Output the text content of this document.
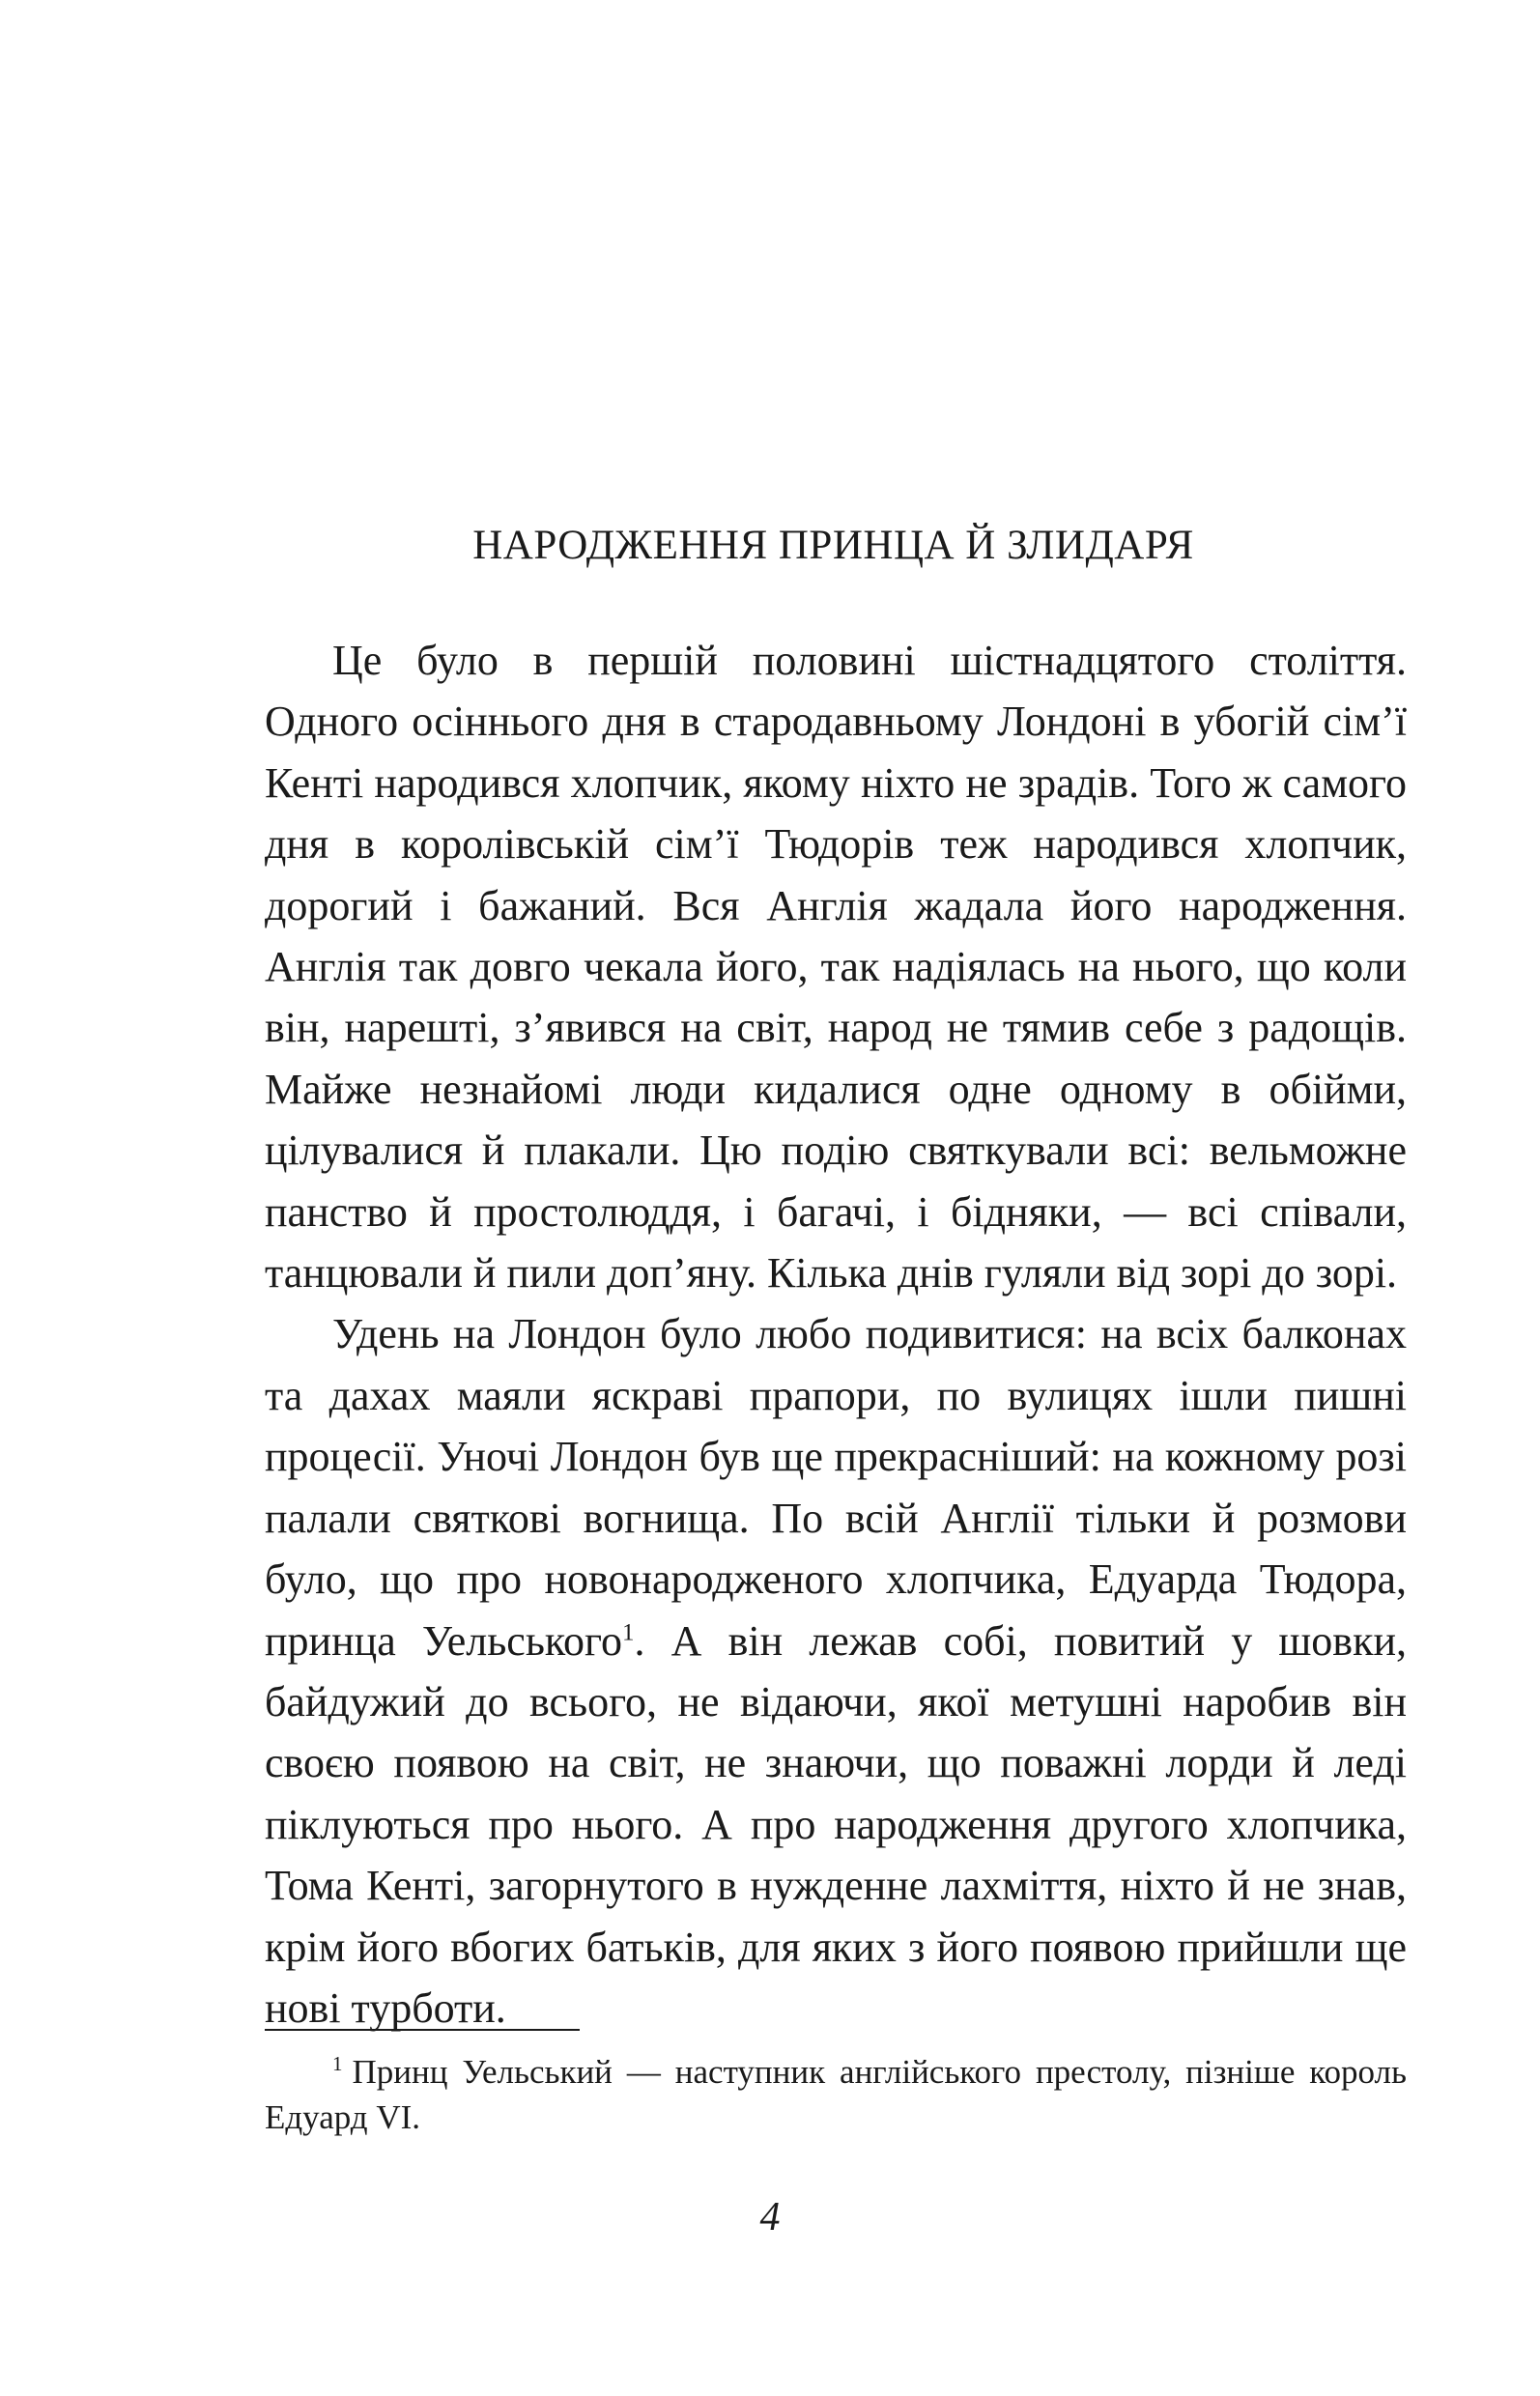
НАРОДЖЕННЯ ПРИНЦА Й ЗЛИДАРЯ

Це було в першій половині шістнадцятого століття. Одного осіннього дня в стародавньому Лондоні в убогій сім’ї Кенті народився хлопчик, якому ніхто не зрадів. Того ж самого дня в королівській сім’ї Тюдорів теж народився хлопчик, дорогий і бажаний. Вся Англія жадала його народження. Англія так довго чекала його, так надіялась на нього, що коли він, нарешті, з’явився на світ, народ не тямив себе з радощів. Майже незнайомі люди кидалися одне одному в обійми, цілувалися й плакали. Цю подію святкували всі: вельможне панство й простолюддя, і багачі, і бідняки, — всі співали, танцювали й пили доп’яну. Кілька днів гуляли від зорі до зорі.

Удень на Лондон було любо подивитися: на всіх балконах та дахах маяли яскраві прапори, по вулицях ішли пишні процесії. Уночі Лондон був ще прекрасніший: на кожному розі палали святкові вогнища. По всій Англії тільки й розмови було, що про новонародженого хлопчика, Едуарда Тюдора, принца Уельського$^1$. А він лежав собі, повитий у шовки, байдужий до всього, не відаючи, якої метушні наробив він своєю появою на світ, не знаючи, що поважні лорди й леді піклуються про нього. А про народження другого хлопчика, Тома Кенті, загорнутого в нужденне лахміття, ніхто й не знав, крім його вбогих батьків, для яких з його появою прийшли ще нові турботи.

$^1$ Принц Уельський — наступник англійського престолу, пізніше король Едуард VI.

4
